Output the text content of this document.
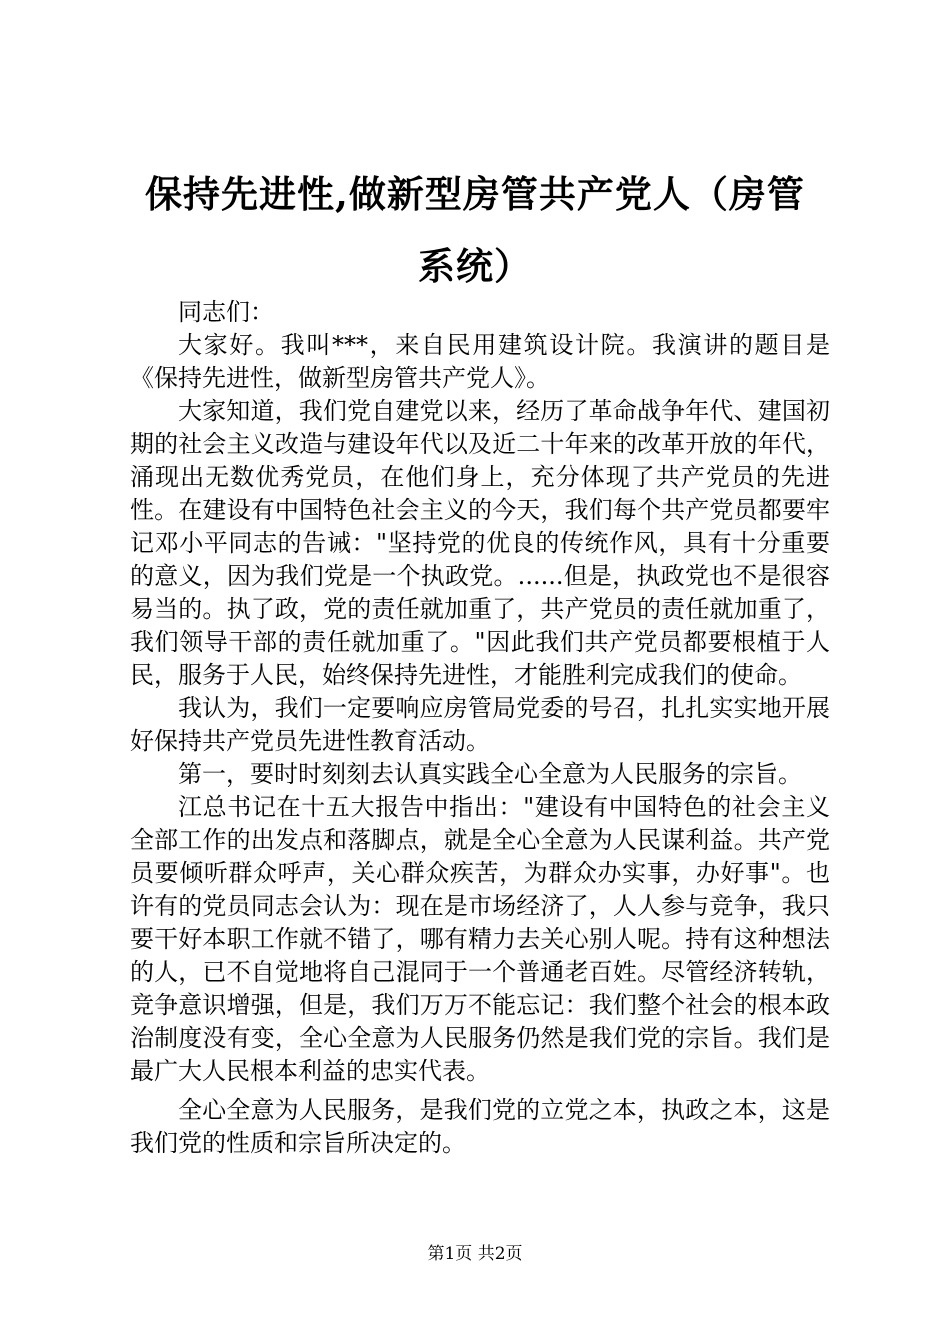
保持先进性,做新型房管共产党人（房管系统）

同志们：

大家好。我叫***，来自民用建筑设计院。我演讲的题目是《保持先进性，做新型房管共产党人》。

大家知道，我们党自建党以来，经历了革命战争年代、建国初期的社会主义改造与建设年代以及近二十年来的改革开放的年代，涌现出无数优秀党员，在他们身上，充分体现了共产党员的先进性。在建设有中国特色社会主义的今天，我们每个共产党员都要牢记邓小平同志的告诫："坚持党的优良的传统作风，具有十分重要的意义，因为我们党是一个执政党。......但是，执政党也不是很容易当的。执了政，党的责任就加重了，共产党员的责任就加重了，我们领导干部的责任就加重了。"因此我们共产党员都要根植于人民，服务于人民，始终保持先进性，才能胜利完成我们的使命。

我认为，我们一定要响应房管局党委的号召，扎扎实实地开展好保持共产党员先进性教育活动。

第一，要时时刻刻去认真实践全心全意为人民服务的宗旨。

江总书记在十五大报告中指出："建设有中国特色的社会主义全部工作的出发点和落脚点，就是全心全意为人民谋利益。共产党员要倾听群众呼声，关心群众疾苦，为群众办实事，办好事"。也许有的党员同志会认为：现在是市场经济了，人人参与竞争，我只要干好本职工作就不错了，哪有精力去关心别人呢。持有这种想法的人，已不自觉地将自己混同于一个普通老百姓。尽管经济转轨，竞争意识增强，但是，我们万万不能忘记：我们整个社会的根本政治制度没有变，全心全意为人民服务仍然是我们党的宗旨。我们是最广大人民根本利益的忠实代表。

全心全意为人民服务，是我们党的立党之本，执政之本，这是我们党的性质和宗旨所决定的。

第1页 共2页
